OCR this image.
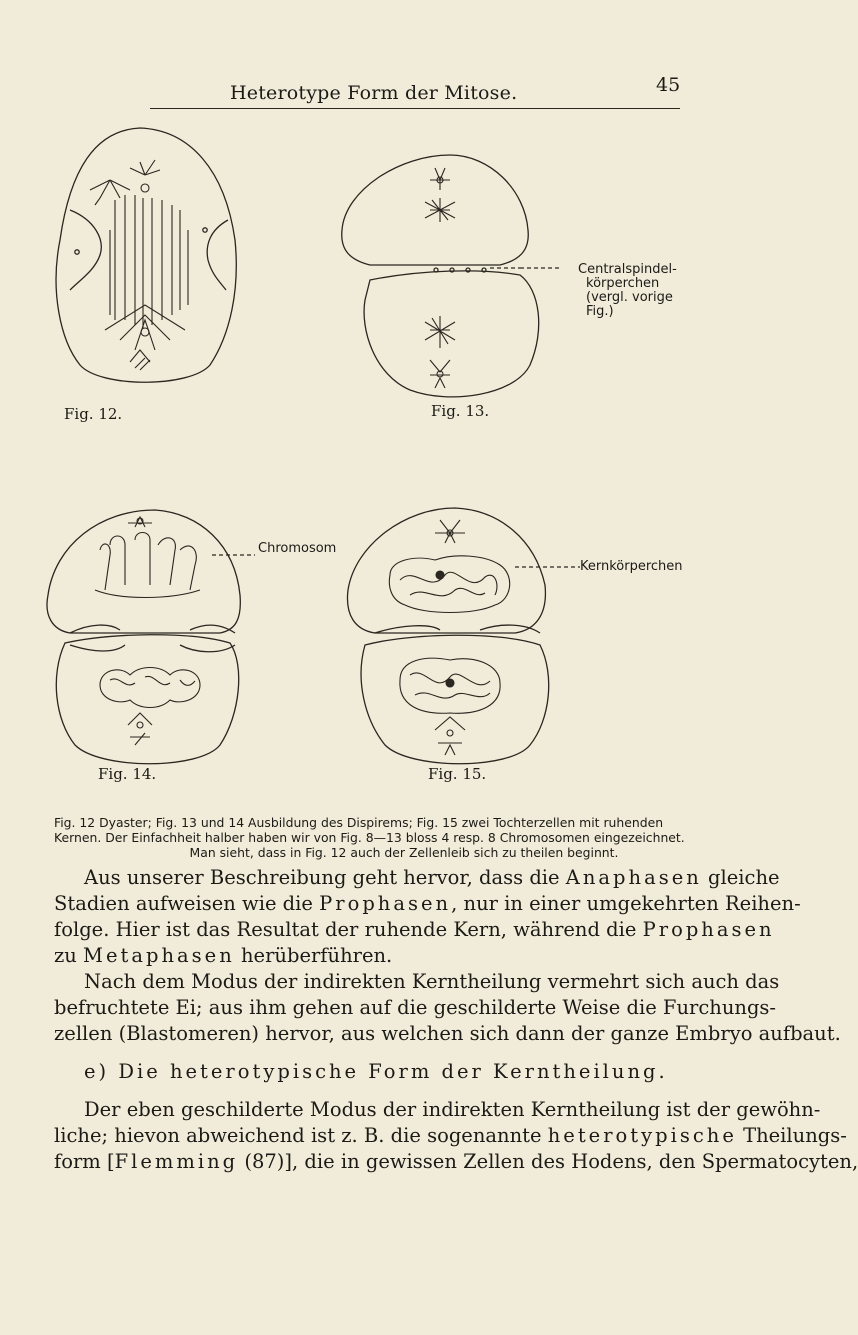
Heterotype Form der Mitose.	45
Fig. 12.
Centralspindel-
körperchen
(vergl. vorige
Fig.)
Fig. 13.
Chromosom
Fig. 14.
Kernkörperchen
Fig. 15.
Fig. 12 Dyaster; Fig. 13 und 14 Ausbildung des Dispirems; Fig. 15 zwei Tochterzellen mit ruhenden
Kernen. Der Einfachheit halber haben wir von Fig. 8—13 bloss 4 resp. 8 Chromosomen eingezeichnet.
Man sieht, dass in Fig. 12 auch der Zellenleib sich zu theilen beginnt.

Aus unserer Beschreibung geht hervor, dass die Anaphasen gleiche
Stadien aufweisen wie die Prophasen, nur in einer umgekehrten Reihen-
folge. Hier ist das Resultat der ruhende Kern, während die Prophasen
zu Metaphasen herüberführen.

Nach dem Modus der indirekten Kerntheilung vermehrt sich auch das
befruchtete Ei; aus ihm gehen auf die geschilderte Weise die Furchungs-
zellen (Blastomeren) hervor, aus welchen sich dann der ganze Embryo aufbaut.

e) Die heterotypische Form der Kerntheilung.

Der eben geschilderte Modus der indirekten Kerntheilung ist der gewöhn-
liche; hievon abweichend ist z. B. die sogenannte heterotypische Theilungs-
form [Flemming (87)], die in gewissen Zellen des Hodens, den Spermatocyten,
